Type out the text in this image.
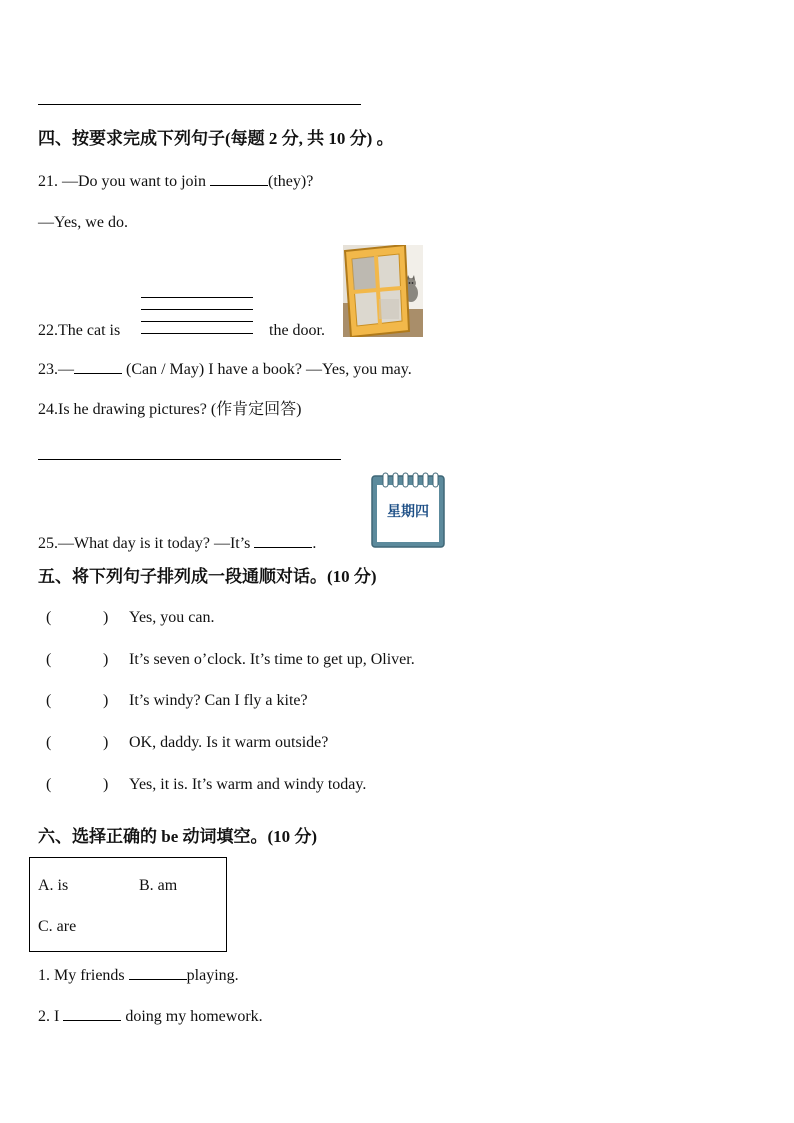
四、按要求完成下列句子(每题 2 分, 共 10 分) 。
21. —Do you want to join	(they)?
—Yes, we do.
22.The cat is	the door.
23.—	(Can / May) I have a book? —Yes, you may.
24.Is he drawing pictures? (作肯定回答)
25.—What day is it today? —It’s	.
星期四
五、将下列句子排列成一段通顺对话。(10 分)
(	) Yes, you can.
(	) It’s seven o’clock. It’s time to get up, Oliver.
(	) It’s windy? Can I fly a kite?
(	) OK, daddy. Is it warm outside?
(	) Yes, it is. It’s warm and windy today.
六、选择正确的 be 动词填空。(10 分)
A. is	B. am
C. are
1. My friends	playing.
2. I	doing my homework.
